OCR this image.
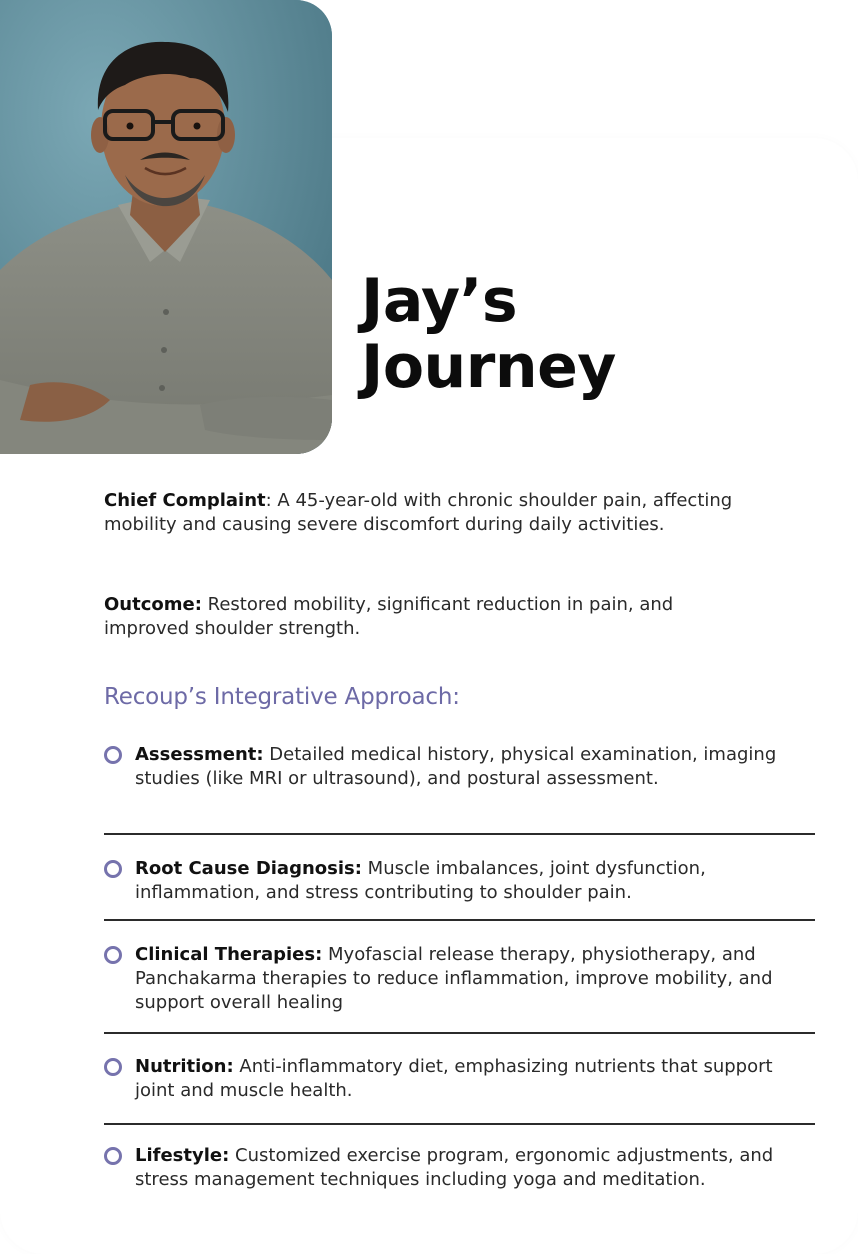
Jay’s
Journey

Chief Complaint: A 45-year-old with chronic shoulder pain, affecting mobility and causing severe discomfort during daily activities.

Outcome: Restored mobility, significant reduction in pain, and improved shoulder strength.

Recoup’s Integrative Approach:

Assessment: Detailed medical history, physical examination, imaging studies (like MRI or ultrasound), and postural assessment.

Root Cause Diagnosis: Muscle imbalances, joint dysfunction, inflammation, and stress contributing to shoulder pain.

Clinical Therapies: Myofascial release therapy, physiotherapy, and Panchakarma therapies to reduce inflammation, improve mobility, and support overall healing

Nutrition: Anti-inflammatory diet, emphasizing nutrients that support joint and muscle health.

Lifestyle: Customized exercise program, ergonomic adjustments, and stress management techniques including yoga and meditation.
